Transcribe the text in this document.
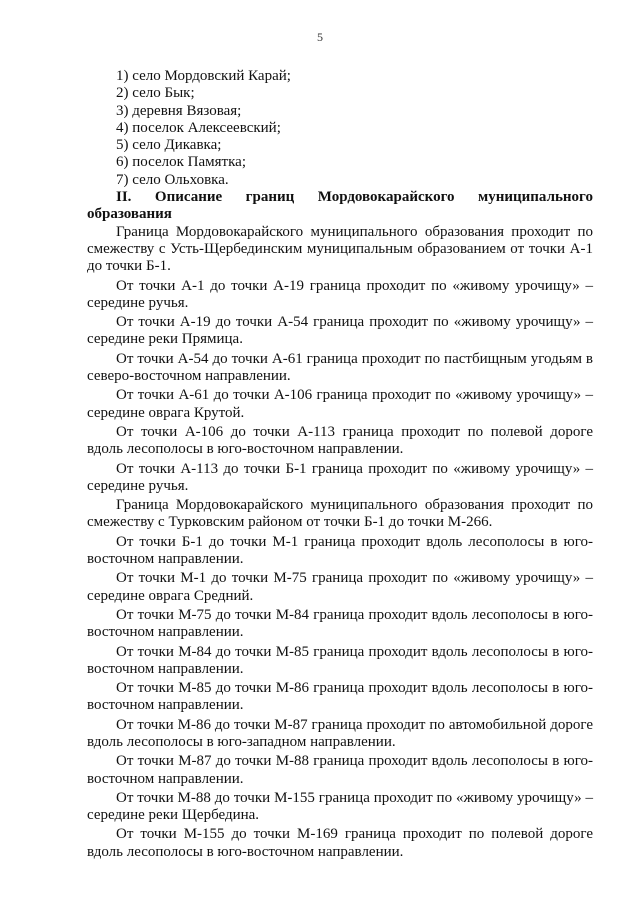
5
1) село Мордовский Карай;
2) село Бык;
3) деревня Вязовая;
4) поселок Алексеевский;
5) село Дикавка;
6) поселок Памятка;
7) село Ольховка.
II. Описание границ Мордовокарайского муниципального образования
Граница Мордовокарайского муниципального образования проходит по смежеству с Усть-Щербединским муниципальным образованием от точки А-1 до точки Б-1.
От точки А-1 до точки А-19 граница проходит по «живому урочищу» – середине ручья.
От точки А-19 до точки А-54 граница проходит по «живому урочищу» – середине реки Прямица.
От точки А-54 до точки А-61 граница проходит по пастбищным угодьям в северо-восточном направлении.
От точки А-61 до точки А-106 граница проходит по «живому урочищу» – середине оврага Крутой.
От точки А-106 до точки А-113 граница проходит по полевой дороге вдоль лесополосы в юго-восточном направлении.
От точки А-113 до точки Б-1 граница проходит по «живому урочищу» – середине ручья.
Граница Мордовокарайского муниципального образования проходит по смежеству с Турковским районом от точки Б-1 до точки М-266.
От точки Б-1 до точки М-1 граница проходит вдоль лесополосы в юго-восточном направлении.
От точки М-1 до точки М-75 граница проходит по «живому урочищу» – середине оврага Средний.
От точки М-75 до точки М-84 граница проходит вдоль лесополосы в юго-восточном направлении.
От точки М-84 до точки М-85 граница проходит вдоль лесополосы в юго-восточном направлении.
От точки М-85 до точки М-86 граница проходит вдоль лесополосы в юго-восточном направлении.
От точки М-86 до точки М-87 граница проходит по автомобильной дороге вдоль лесополосы в юго-западном направлении.
От точки М-87 до точки М-88 граница проходит вдоль лесополосы в юго-восточном направлении.
От точки М-88 до точки М-155 граница проходит по «живому урочищу» – середине реки Щербедина.
От точки М-155 до точки М-169 граница проходит по полевой дороге вдоль лесополосы в юго-восточном направлении.
